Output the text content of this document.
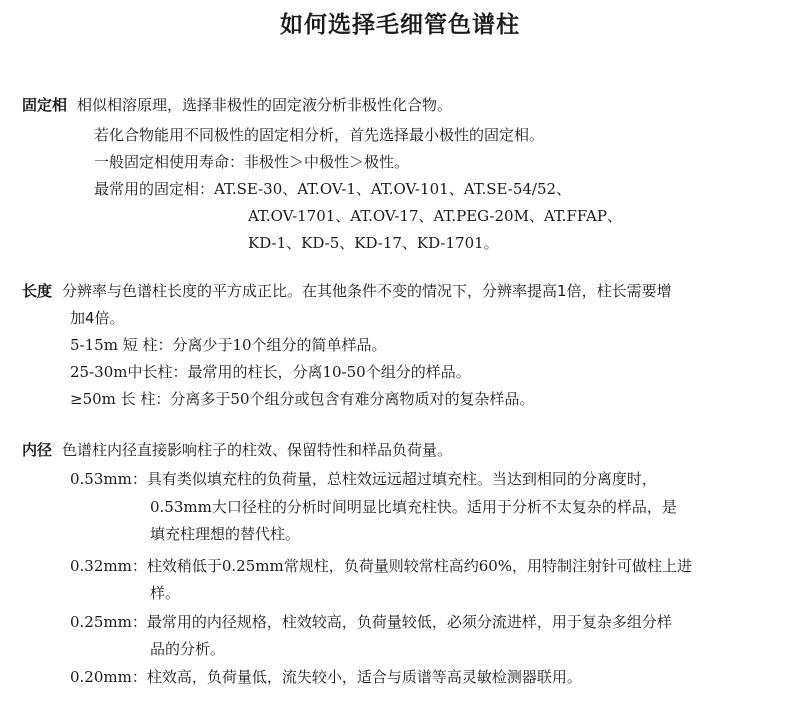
如何选择毛细管色谱柱
固定相 相似相溶原理，选择非极性的固定液分析非极性化合物。
若化合物能用不同极性的固定相分析，首先选择最小极性的固定相。
一般固定相使用寿命：非极性＞中极性＞极性。
最常用的固定相：AT.SE-30、AT.OV-1、AT.OV-101、AT.SE-54/52、
AT.OV-1701、AT.OV-17、AT.PEG-20M、AT.FFAP、
KD-1、KD-5、KD-17、KD-1701。
长度 分辨率与色谱柱长度的平方成正比。在其他条件不变的情况下，分辨率提高1倍，柱长需要增
加4倍。
5-15m 短 柱：分离少于10个组分的简单样品。
25-30m中长柱：最常用的柱长，分离10-50个组分的样品。
≥50m 长 柱：分离多于50个组分或包含有难分离物质对的复杂样品。
内径 色谱柱内径直接影响柱子的柱效、保留特性和样品负荷量。
0.53mm：具有类似填充柱的负荷量，总柱效远远超过填充柱。当达到相同的分离度时，
0.53mm大口径柱的分析时间明显比填充柱快。适用于分析不太复杂的样品，是
填充柱理想的替代柱。
0.32mm：柱效稍低于0.25mm常规柱，负荷量则较常柱高约60%，用特制注射针可做柱上进
样。
0.25mm：最常用的内径规格，柱效较高，负荷量较低，必须分流进样，用于复杂多组分样
品的分析。
0.20mm：柱效高，负荷量低，流失较小，适合与质谱等高灵敏检测器联用。
